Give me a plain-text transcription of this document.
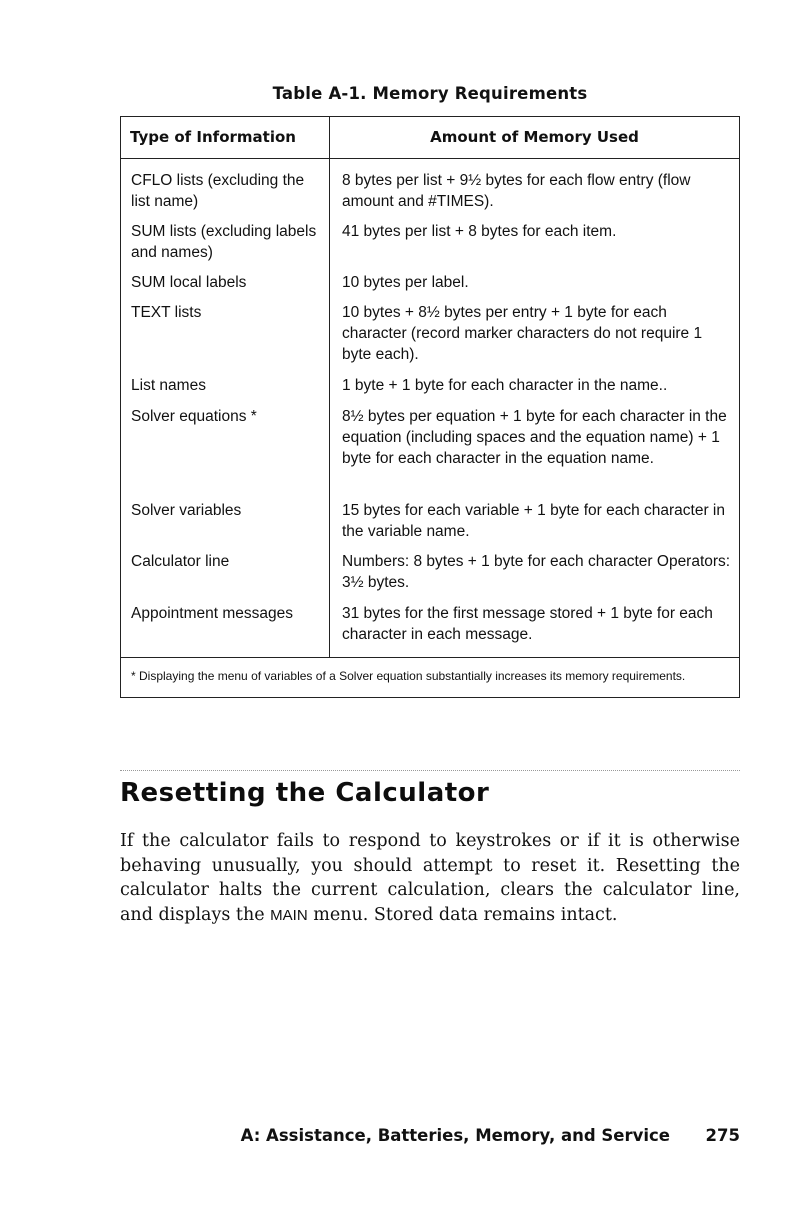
Table A-1. Memory Requirements
Type of Information	Amount of Memory Used
CFLO lists (excluding the list name)
SUM lists (excluding labels and names)
SUM local labels
TEXT lists
List names
Solver equations *
Solver variables
Calculator line
Appointment messages
8 bytes per list + 9½ bytes for each flow entry (flow amount and #TIMES).
41 bytes per list + 8 bytes for each item.
10 bytes per label.
10 bytes + 8½ bytes per entry + 1 byte for each character (record marker characters do not require 1 byte each).
1 byte + 1 byte for each character in the name..
8½ bytes per equation + 1 byte for each character in the equation (including spaces and the equation name) + 1 byte for each character in the equation name.
15 bytes for each variable + 1 byte for each character in the variable name.
Numbers: 8 bytes + 1 byte for each character Operators: 3½ bytes.
31 bytes for the first message stored + 1 byte for each character in each message.
* Displaying the menu of variables of a Solver equation substantially increases its memory requirements.
Resetting the Calculator
If the calculator fails to respond to keystrokes or if it is otherwise behaving unusually, you should attempt to reset it. Resetting the calculator halts the current calculation, clears the calculator line, and displays the MAIN menu. Stored data remains intact.
A: Assistance, Batteries, Memory, and Service 275
